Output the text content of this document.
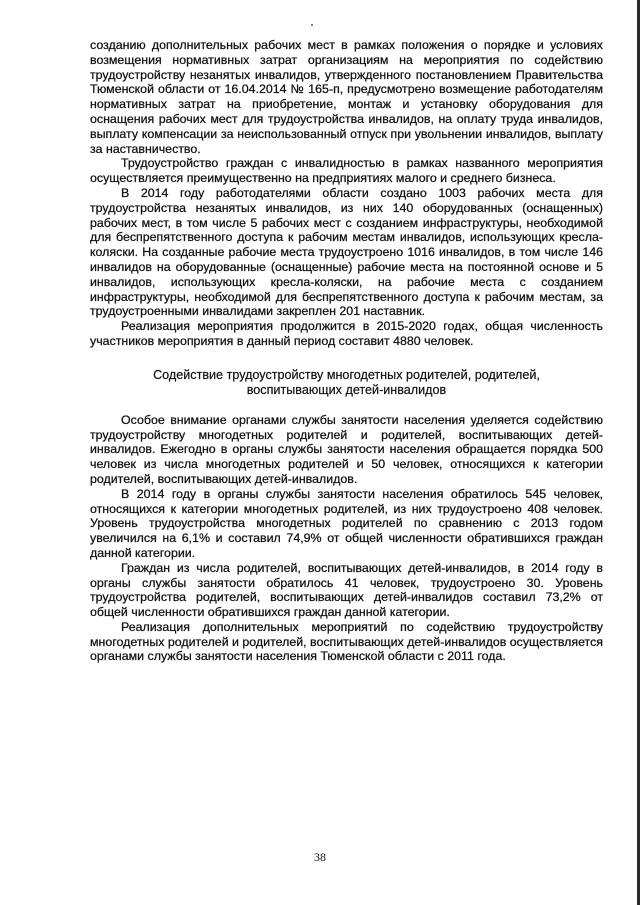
созданию дополнительных рабочих мест в рамках положения о порядке и условиях возмещения нормативных затрат организациям на мероприятия по содействию трудоустройству незанятых инвалидов, утвержденного постановлением Правительства Тюменской области от 16.04.2014 № 165-п, предусмотрено возмещение работодателям нормативных затрат на приобретение, монтаж и установку оборудования для оснащения рабочих мест для трудоустройства инвалидов, на оплату труда инвалидов, выплату компенсации за неиспользованный отпуск при увольнении инвалидов, выплату за наставничество.

Трудоустройство граждан с инвалидностью в рамках названного мероприятия осуществляется преимущественно на предприятиях малого и среднего бизнеса.

В 2014 году работодателями области создано 1003 рабочих места для трудоустройства незанятых инвалидов, из них 140 оборудованных (оснащенных) рабочих мест, в том числе 5 рабочих мест с созданием инфраструктуры, необходимой для беспрепятственного доступа к рабочим местам инвалидов, использующих кресла-коляски. На созданные рабочие места трудоустроено 1016 инвалидов, в том числе 146 инвалидов на оборудованные (оснащенные) рабочие места на постоянной основе и 5 инвалидов, использующих кресла-коляски, на рабочие места с созданием инфраструктуры, необходимой для беспрепятственного доступа к рабочим местам, за трудоустроенными инвалидами закреплен 201 наставник.

Реализация мероприятия продолжится в 2015-2020 годах, общая численность участников мероприятия в данный период составит 4880 человек.

Содействие трудоустройству многодетных родителей, родителей,

воспитывающих детей-инвалидов

Особое внимание органами службы занятости населения уделяется содействию трудоустройству многодетных родителей и родителей, воспитывающих детей-инвалидов. Ежегодно в органы службы занятости населения обращается порядка 500 человек из числа многодетных родителей и 50 человек, относящихся к категории родителей, воспитывающих детей-инвалидов.

В 2014 году в органы службы занятости населения обратилось 545 человек, относящихся к категории многодетных родителей, из них трудоустроено 408 человек. Уровень трудоустройства многодетных родителей по сравнению с 2013 годом увеличился на 6,1% и составил 74,9% от общей численности обратившихся граждан данной категории.

Граждан из числа родителей, воспитывающих детей-инвалидов, в 2014 году в органы службы занятости обратилось 41 человек, трудоустроено 30. Уровень трудоустройства родителей, воспитывающих детей-инвалидов составил 73,2% от общей численности обратившихся граждан данной категории.

Реализация дополнительных мероприятий по содействию трудоустройству многодетных родителей и родителей, воспитывающих детей-инвалидов осуществляется органами службы занятости населения Тюменской области с 2011 года.

38
